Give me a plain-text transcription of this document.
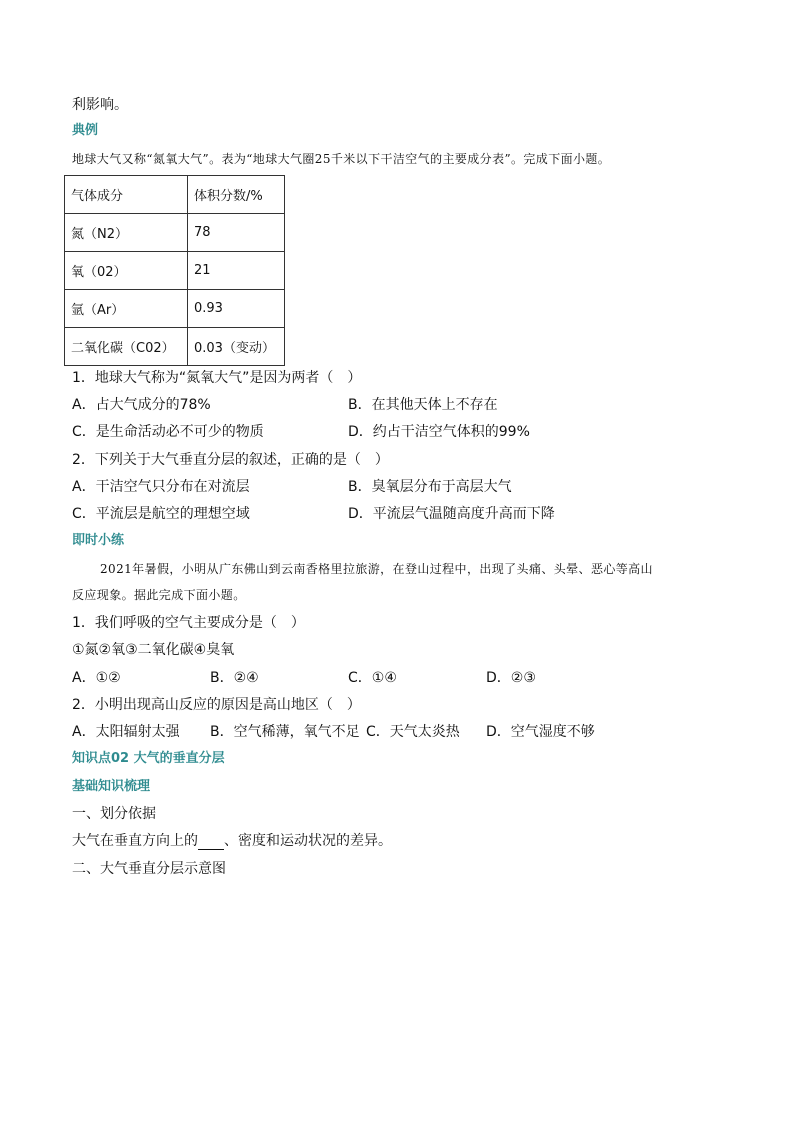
利影响。
典例
地球大气又称“氮氧大气”。表为“地球大气圈25千米以下干洁空气的主要成分表”。完成下面小题。
气体成分	体积分数/%
氮（N2）	78
氧（02）	21
氩（Ar）	0.93
二氧化碳（C02）	0.03（变动）
1．地球大气称为“氮氧大气”是因为两者（　）
A．占大气成分的78%	B．在其他天体上不存在
C．是生命活动必不可少的物质	D．约占干洁空气体积的99%
2．下列关于大气垂直分层的叙述，正确的是（　）
A．干洁空气只分布在对流层	B．臭氧层分布于高层大气
C．平流层是航空的理想空域	D．平流层气温随高度升高而下降
即时小练
2021年暑假，小明从广东佛山到云南香格里拉旅游，在登山过程中，出现了头痛、头晕、恶心等高山
反应现象。据此完成下面小题。
1．我们呼吸的空气主要成分是（　）
①氮②氧③二氧化碳④臭氧
A．①②	B．②④	C．①④	D．②③
2．小明出现高山反应的原因是高山地区（　）
A．太阳辐射太强 B．空气稀薄，氧气不足 C．天气太炎热 D．空气湿度不够
知识点02 大气的垂直分层
基础知识梳理
一、划分依据
大气在垂直方向上的 、密度和运动状况的差异。
二、大气垂直分层示意图
